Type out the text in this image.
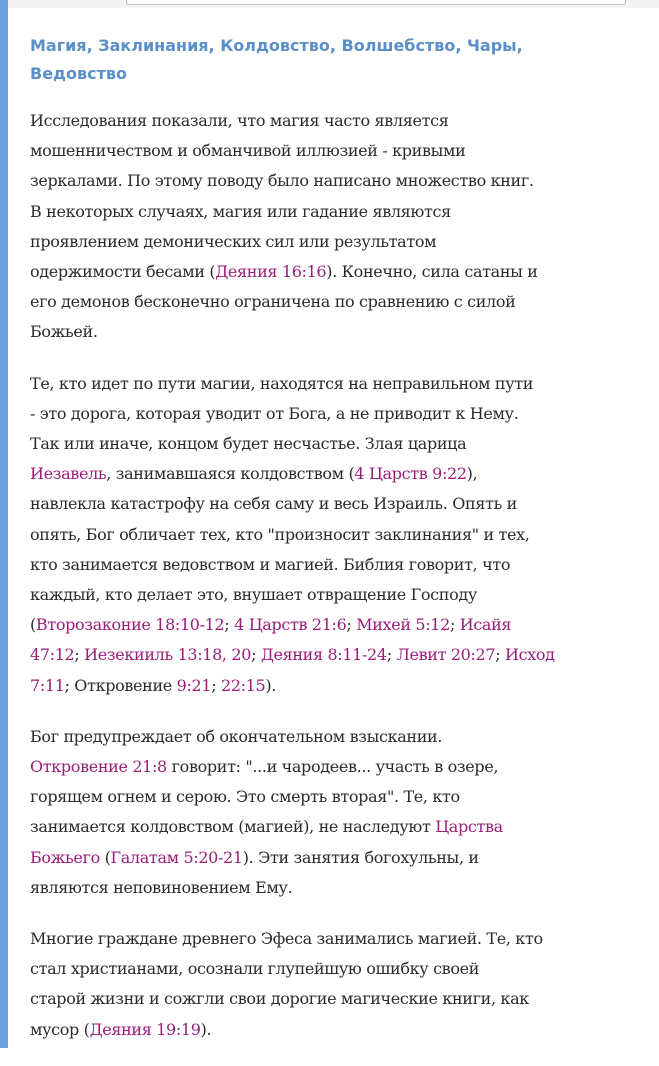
Магия, Заклинания, Колдовство, Волшебство, Чары,
Ведовство
Исследования показали, что магия часто является
мошенничеством и обманчивой иллюзией - кривыми
зеркалами. По этому поводу было написано множество книг.
В некоторых случаях, магия или гадание являются
проявлением демонических сил или результатом
одержимости бесами (Деяния 16:16). Конечно, сила сатаны и
его демонов бесконечно ограничена по сравнению с силой
Божьей.
Те, кто идет по пути магии, находятся на неправильном пути
- это дорога, которая уводит от Бога, а не приводит к Нему.
Так или иначе, концом будет несчастье. Злая царица
Иезавель, занимавшаяся колдовством (4 Царств 9:22),
навлекла катастрофу на себя саму и весь Израиль. Опять и
опять, Бог обличает тех, кто "произносит заклинания" и тех,
кто занимается ведовством и магией. Библия говорит, что
каждый, кто делает это, внушает отвращение Господу
(Второзаконие 18:10-12; 4 Царств 21:6; Михей 5:12; Исайя
47:12; Иезекииль 13:18, 20; Деяния 8:11-24; Левит 20:27; Исход
7:11; Откровение 9:21; 22:15).
Бог предупреждает об окончательном взыскании.
Откровение 21:8 говорит: "...и чародеев... участь в озере,
горящем огнем и серою. Это смерть вторая". Те, кто
занимается колдовством (магией), не наследуют Царства
Божьего (Галатам 5:20-21). Эти занятия богохульны, и
являются неповиновением Ему.
Многие граждане древнего Эфеса занимались магией. Те, кто
стал христианами, осознали глупейшую ошибку своей
старой жизни и сожгли свои дорогие магические книги, как
мусор (Деяния 19:19).
